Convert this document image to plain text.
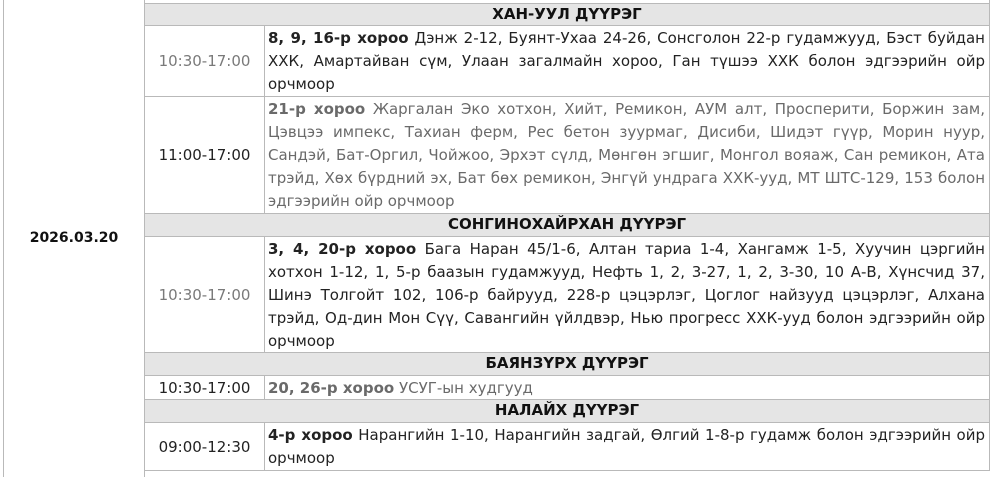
2026.03.20
ХАН-УУЛ ДҮҮРЭГ
10:30-17:00
8, 9, 16-р хороо Дэнж 2-12, Буянт-Ухаа 24-26, Сонсголон 22-р гудамжууд, Бэст буйдан ХХК, Амартайван сүм, Улаан загалмайн хороо, Ган түшээ ХХК болон эдгээрийн ойр орчмоор
11:00-17:00
21-р хороо Жаргалан Эко хотхон, Хийт, Ремикон, АУМ алт, Просперити, Боржин зам, Цэвцээ импекс, Тахиан ферм, Рес бетон зуурмаг, Дисиби, Шидэт гүүр, Морин нуур, Сандэй, Бат-Оргил, Чойжоо, Эрхэт сүлд, Мөнгөн эгшиг, Монгол вояаж, Сан ремикон, Ата трэйд, Хөх бүрдний эх, Бат бөх ремикон, Энгүй ундрага ХХК-ууд, МТ ШТС-129, 153 болон эдгээрийн ойр орчмоор
СОНГИНОХАЙРХАН ДҮҮРЭГ
10:30-17:00
3, 4, 20-р хороо Бага Наран 45/1-6, Алтан тариа 1-4, Хангамж 1-5, Хуучин цэргийн хотхон 1-12, 1, 5-р баазын гудамжууд, Нефть 1, 2, 3-27, 1, 2, 3-30, 10 А-В, Хүнсчид 37, Шинэ Толгойт 102, 106-р байрууд, 228-р цэцэрлэг, Цоглог найзууд цэцэрлэг, Алхана трэйд, Од-дин Мон Сүү, Савангийн үйлдвэр, Нью прогресс ХХК-ууд болон эдгээрийн ойр орчмоор
БАЯНЗҮРХ ДҮҮРЭГ
10:30-17:00	20, 26-р хороо УСУГ-ын худгууд
НАЛАЙХ ДҮҮРЭГ
09:00-12:30
4-р хороо Нарангийн 1-10, Нарангийн задгай, Өлгий 1-8-р гудамж болон эдгээрийн ойр орчмоор
